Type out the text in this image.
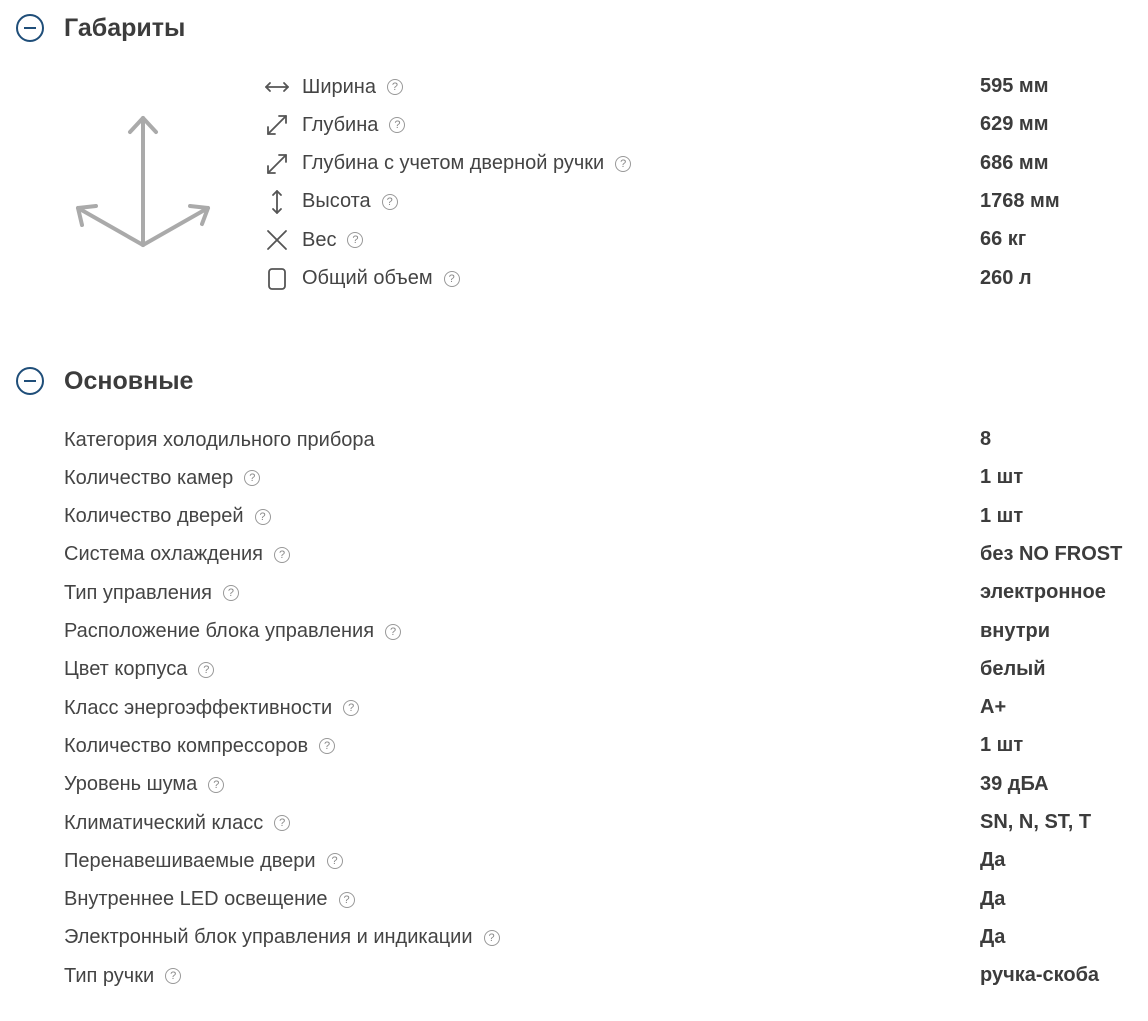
Габариты
Ширина	?	595 мм
Глубина	?	629 мм
Глубина с учетом дверной ручки	?	686 мм
Высота	?	1768 мм
Вес	?	66 кг
Общий объем	?	260 л
Основные
Категория холодильного прибора	8
Количество камер	?	1 шт
Количество дверей	?	1 шт
Система охлаждения	?	без NO FROST
Тип управления	?	электронное
Расположение блока управления	?	внутри
Цвет корпуса	?	белый
Класс энергоэффективности	?	A+
Количество компрессоров	?	1 шт
Уровень шума	?	39 дБА
Климатический класс	?	SN, N, ST, T
Перенавешиваемые двери	?	Да
Внутреннее LED освещение	?	Да
Электронный блок управления и индикации	?	Да
Тип ручки	?	ручка-скоба
